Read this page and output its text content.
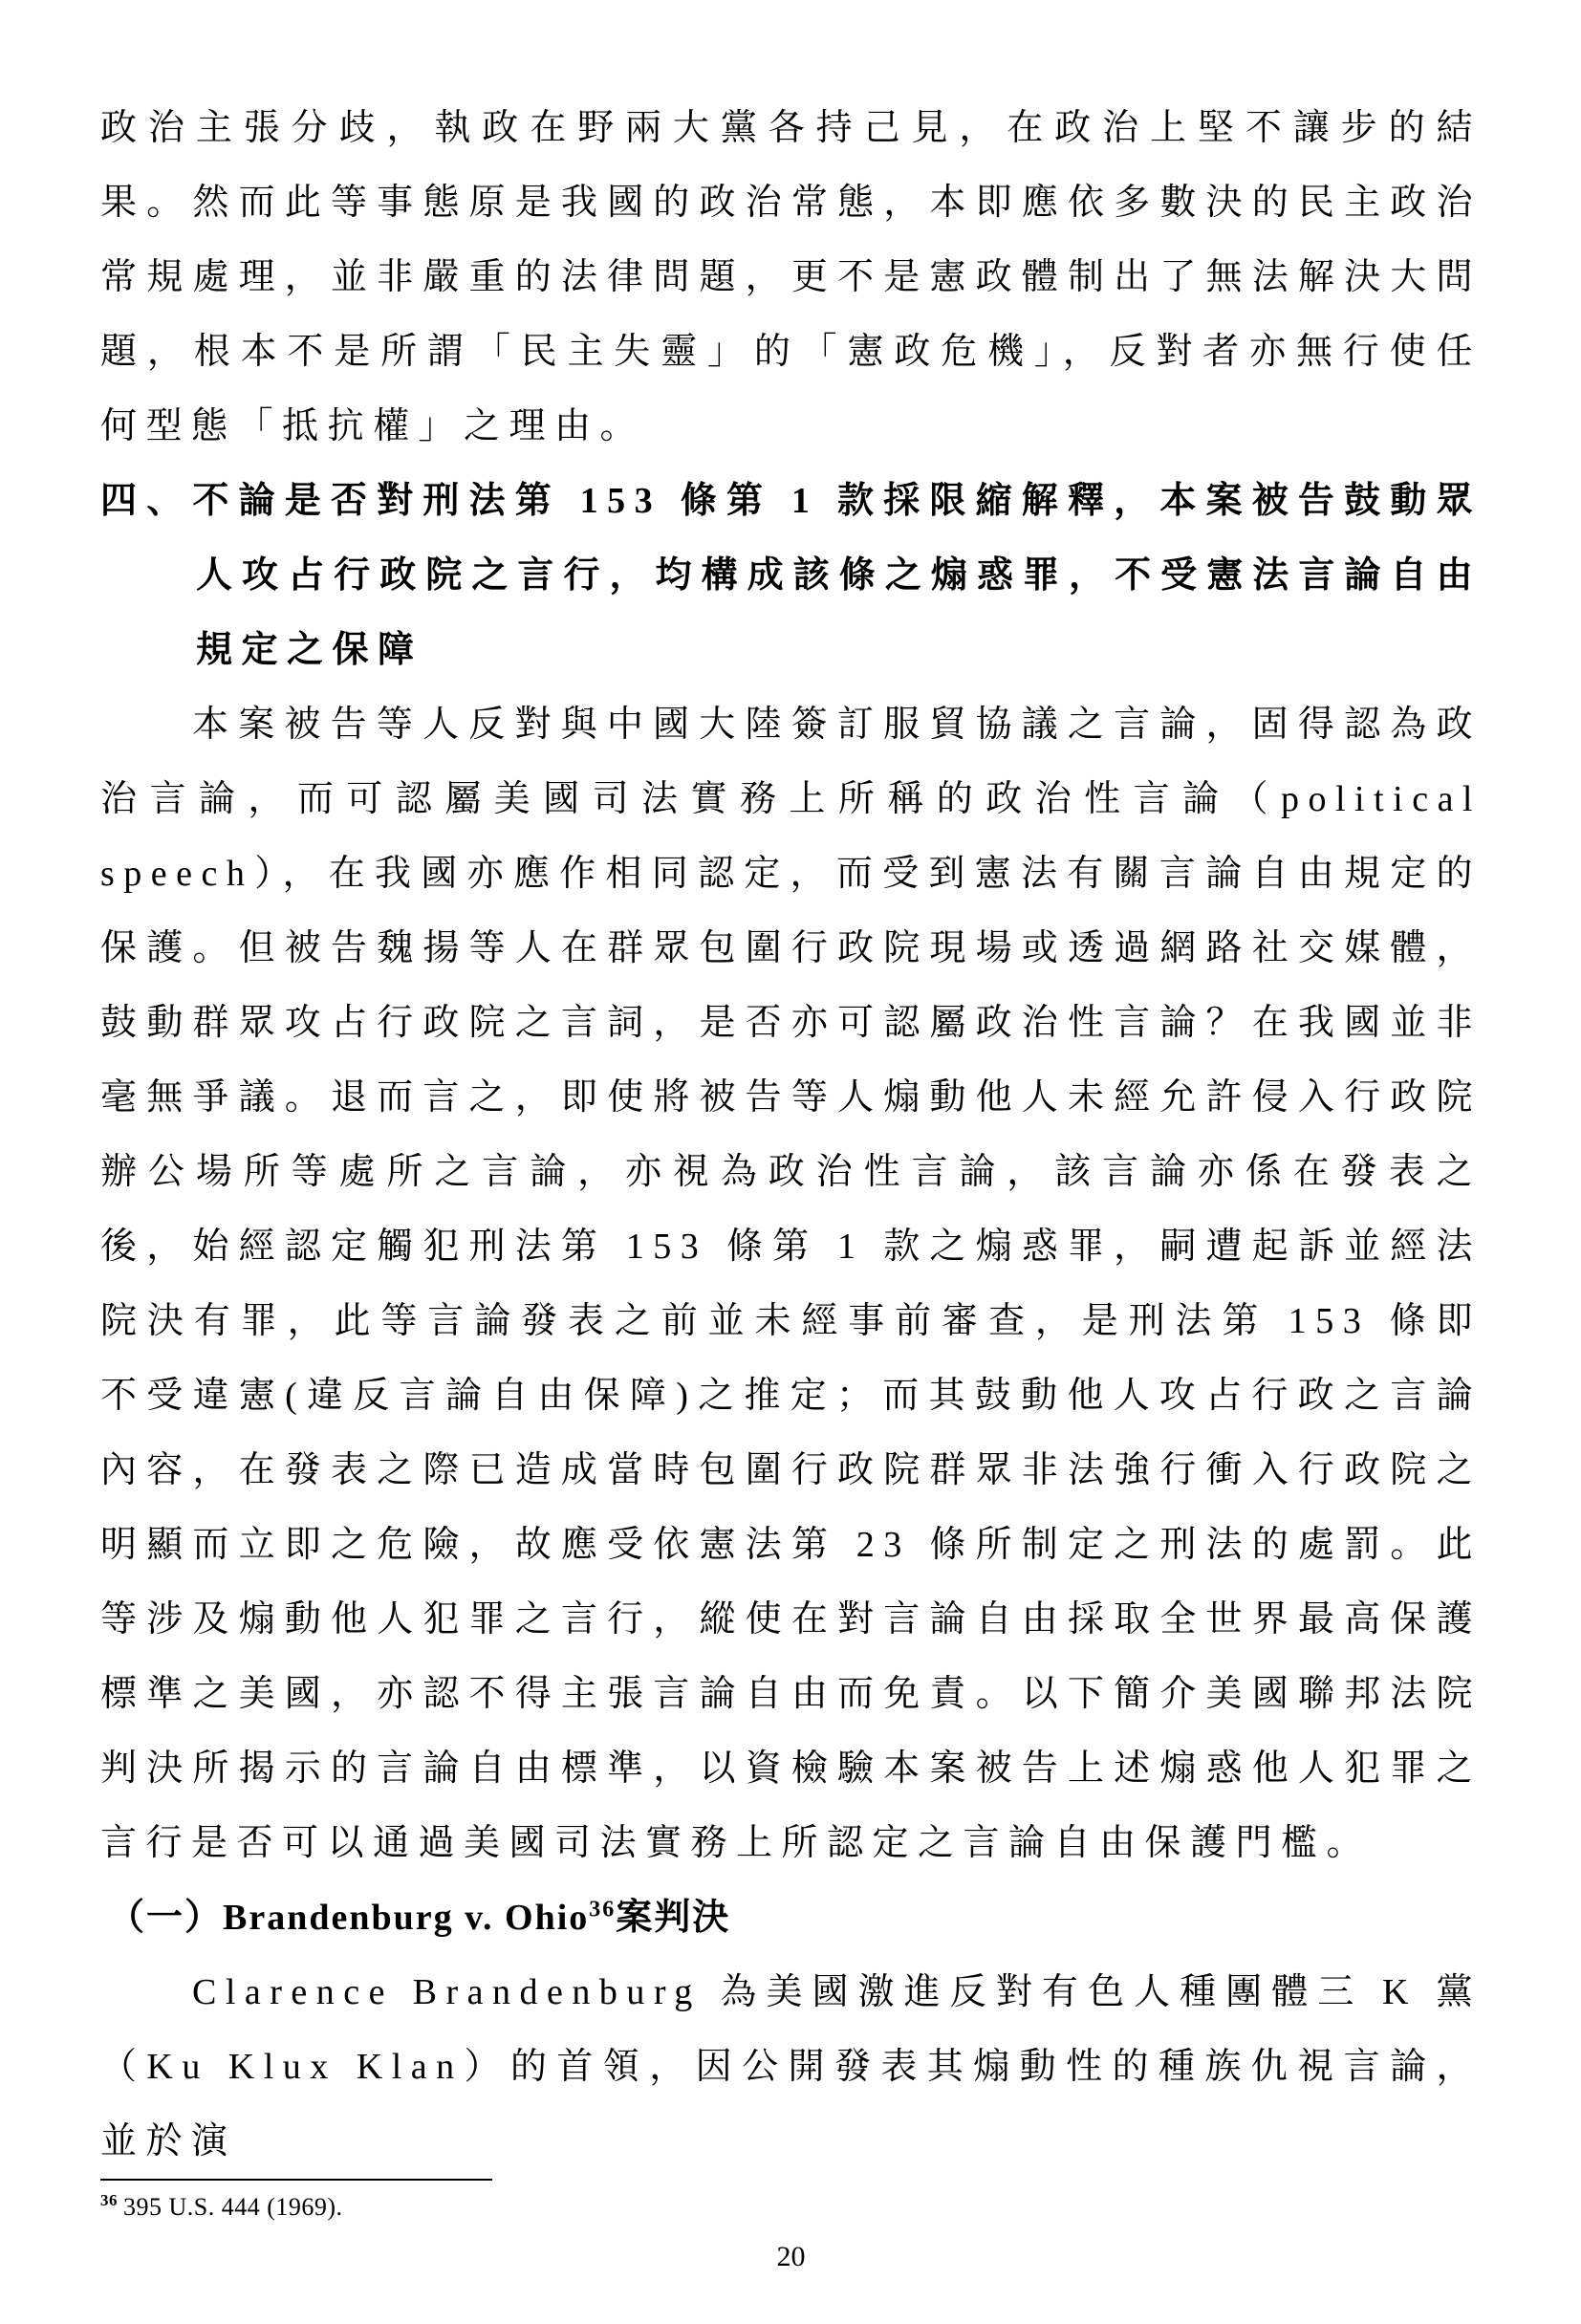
政治主張分歧，執政在野兩大黨各持己見，在政治上堅不讓步的結果。然而此等事態原是我國的政治常態，本即應依多數決的民主政治常規處理，並非嚴重的法律問題，更不是憲政體制出了無法解決大問題，根本不是所謂「民主失靈」的「憲政危機」，反對者亦無行使任何型態「抵抗權」之理由。

四、不論是否對刑法第 153 條第 1 款採限縮解釋，本案被告鼓動眾人攻占行政院之言行，均構成該條之煽惑罪，不受憲法言論自由規定之保障

本案被告等人反對與中國大陸簽訂服貿協議之言論，固得認為政治言論，而可認屬美國司法實務上所稱的政治性言論（political speech），在我國亦應作相同認定，而受到憲法有關言論自由規定的保護。但被告魏揚等人在群眾包圍行政院現場或透過網路社交媒體，鼓動群眾攻占行政院之言詞，是否亦可認屬政治性言論？在我國並非毫無爭議。退而言之，即使將被告等人煽動他人未經允許侵入行政院辦公場所等處所之言論，亦視為政治性言論，該言論亦係在發表之後，始經認定觸犯刑法第 153 條第 1 款之煽惑罪，嗣遭起訴並經法院決有罪，此等言論發表之前並未經事前審查，是刑法第 153 條即不受違憲(違反言論自由保障)之推定；而其鼓動他人攻占行政之言論內容，在發表之際已造成當時包圍行政院群眾非法強行衝入行政院之明顯而立即之危險，故應受依憲法第 23 條所制定之刑法的處罰。此等涉及煽動他人犯罪之言行，縱使在對言論自由採取全世界最高保護標準之美國，亦認不得主張言論自由而免責。以下簡介美國聯邦法院判決所揭示的言論自由標準，以資檢驗本案被告上述煽惑他人犯罪之言行是否可以通過美國司法實務上所認定之言論自由保護門檻。

（一）Brandenburg v. Ohio$^{36}$案判決

Clarence Brandenburg 為美國激進反對有色人種團體三 K 黨（Ku Klux Klan）的首領，因公開發表其煽動性的種族仇視言論，並於演

$^{36}$ 395 U.S. 444 (1969).

20
